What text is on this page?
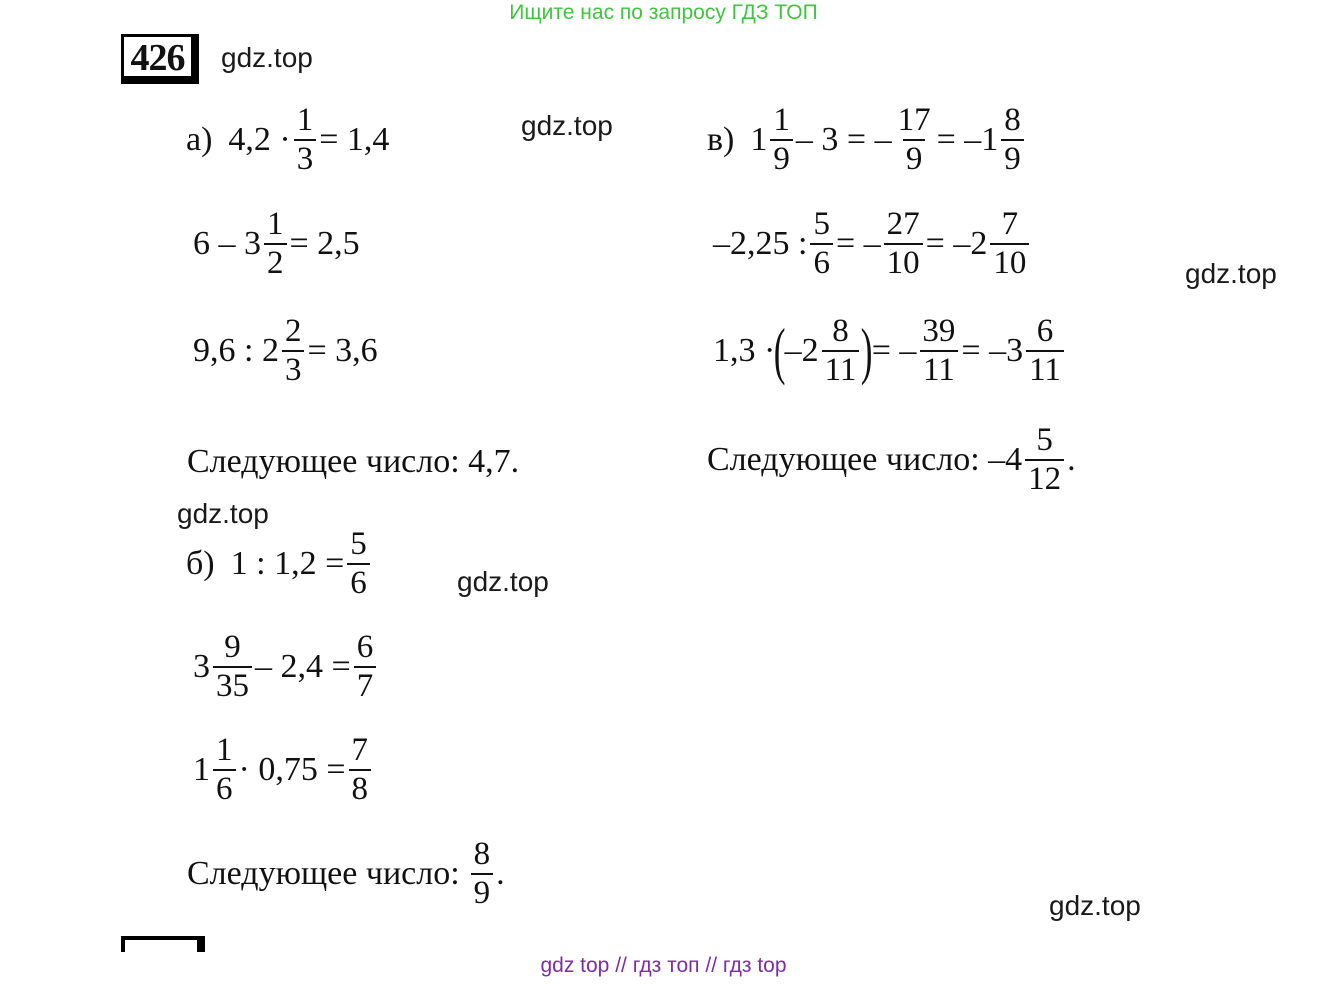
Ищите нас по запросу ГДЗ ТОП
gdz top // гдз топ // гдз top
426	gdz.top
gdz.top
gdz.top
gdz.top
gdz.top
gdz.top
а) $4,2 \cdot \frac{1}{3} = 1,4$
$6 - 3 \frac{1}{2} = 2,5$
9,6 : $2 \frac{2}{3} = 3,6$
Следующее число: 4,7.
б) 1 : $1,2 = \frac{5}{6}$
$3 \frac{9}{35} - 2,4 = \frac{6}{7}$
$1 \frac{1}{6} \cdot 0,75 = \frac{7}{8}$
Следующее число: $\frac{8}{9}$ .
в) $1 \frac{1}{9} - 3$ = – $\frac{17}{9} = -1 \frac{8}{9}$
–2,25 : $\frac{5}{6}$ = – $\frac{27}{10} = -2 \frac{7}{10}$
1,3 ·
(
$-2 \frac{8}{11}$ )
= – $\frac{39}{11} = -3 \frac{6}{11}$
Следующее число: $-4 \frac{5}{12}$ .
